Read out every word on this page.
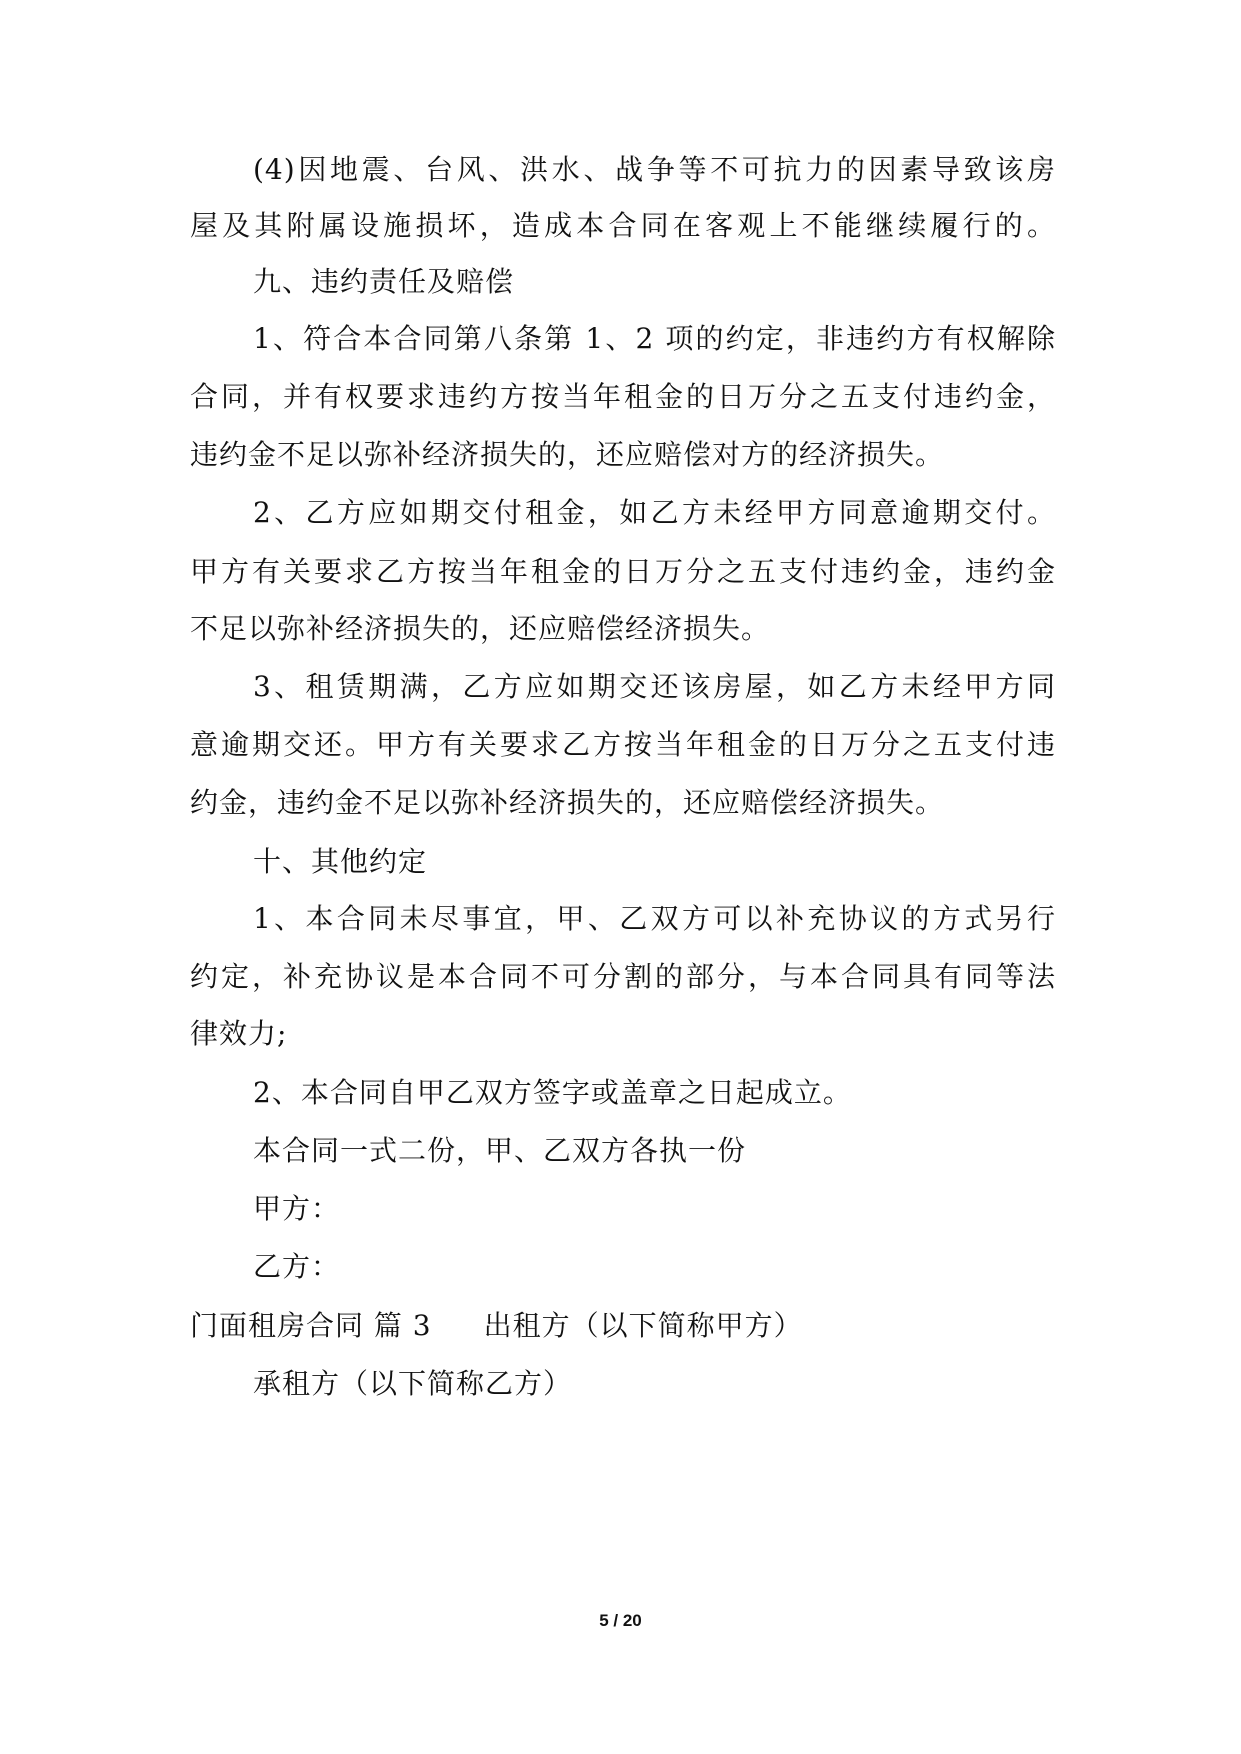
(4)因地震、台风、洪水、战争等不可抗力的因素导致该房
屋及其附属设施损坏，造成本合同在客观上不能继续履行的。
九、违约责任及赔偿
1、符合本合同第八条第 1、2 项的约定，非违约方有权解除
合同，并有权要求违约方按当年租金的日万分之五支付违约金，
违约金不足以弥补经济损失的，还应赔偿对方的经济损失。
2、乙方应如期交付租金，如乙方未经甲方同意逾期交付。
甲方有关要求乙方按当年租金的日万分之五支付违约金，违约金
不足以弥补经济损失的，还应赔偿经济损失。
3、租赁期满，乙方应如期交还该房屋，如乙方未经甲方同
意逾期交还。甲方有关要求乙方按当年租金的日万分之五支付违
约金，违约金不足以弥补经济损失的，还应赔偿经济损失。
十、其他约定
1、本合同未尽事宜，甲、乙双方可以补充协议的方式另行
约定，补充协议是本合同不可分割的部分，与本合同具有同等法
律效力;
2、本合同自甲乙双方签字或盖章之日起成立。
本合同一式二份，甲、乙双方各执一份
甲方：
乙方：
门面租房合同 篇 3 出租方（以下简称甲方）
承租方（以下简称乙方）
5 / 20
